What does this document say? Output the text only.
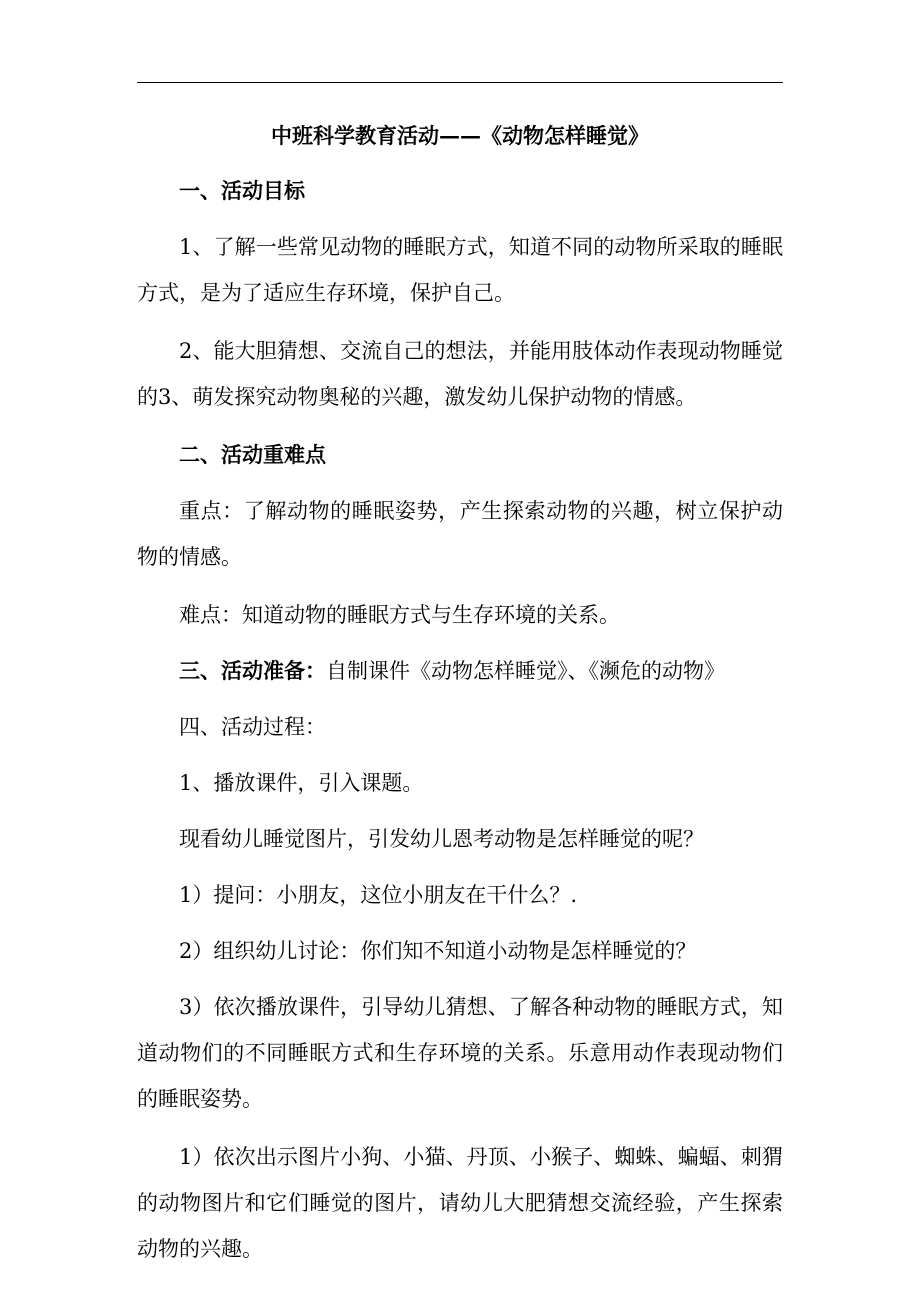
中班科学教育活动——《动物怎样睡觉》

一、活动目标

1、了解一些常见动物的睡眠方式，知道不同的动物所采取的睡眠方式，是为了适应生存环境，保护自己。

2、能大胆猜想、交流自己的想法，并能用肢体动作表现动物睡觉的3、萌发探究动物奥秘的兴趣，激发幼儿保护动物的情感。

二、活动重难点

重点：了解动物的睡眠姿势，产生探索动物的兴趣，树立保护动物的情感。

难点：知道动物的睡眠方式与生存环境的关系。

三、活动准备：自制课件《动物怎样睡觉》、《濒危的动物》

四、活动过程：

1、播放课件，引入课题。

现看幼儿睡觉图片，引发幼儿恩考动物是怎样睡觉的呢？

1）提问：小朋友，这位小朋友在干什么？.

2）组织幼儿讨论：你们知不知道小动物是怎样睡觉的？

3）依次播放课件，引导幼儿猜想、了解各种动物的睡眠方式，知道动物们的不同睡眠方式和生存环境的关系。乐意用动作表现动物们的睡眠姿势。

1）依次出示图片小狗、小猫、丹顶、小猴子、蜘蛛、蝙蝠、刺猬的动物图片和它们睡觉的图片，请幼儿大肥猜想交流经验，产生探索动物的兴趣。
